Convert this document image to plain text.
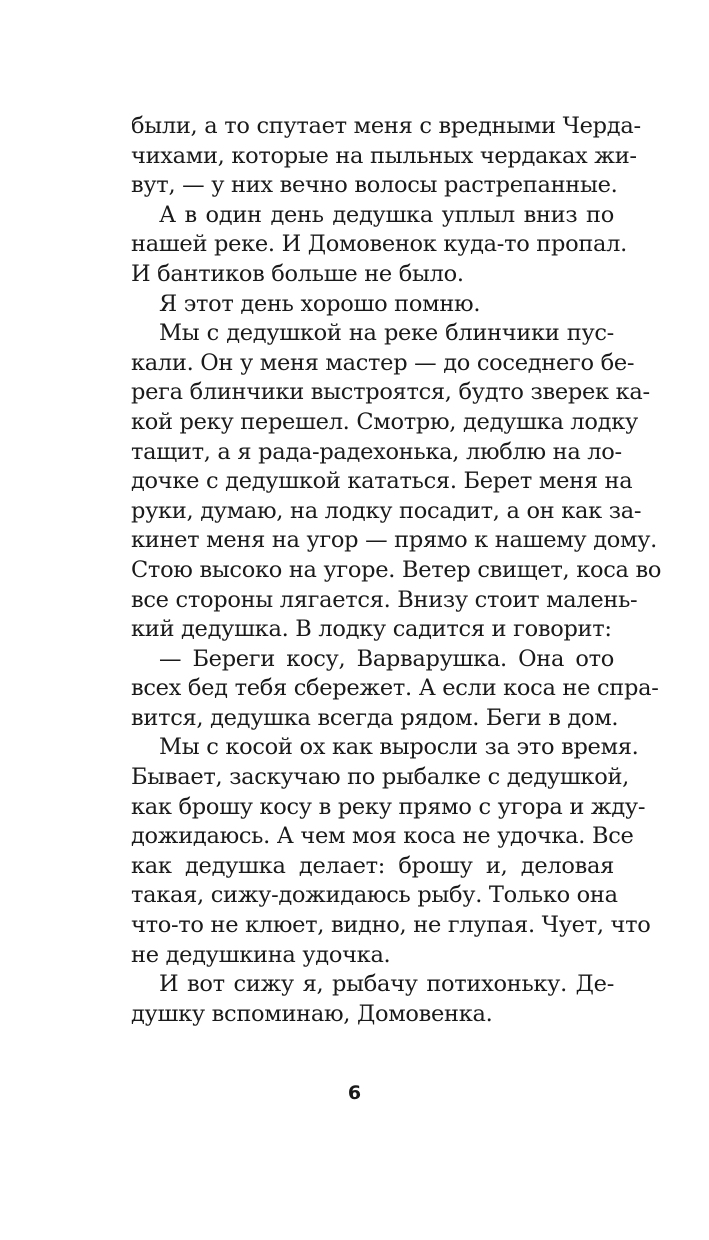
были, а то спутает меня с вредными Черда-
чихами, которые на пыльных чердаках жи-
вут, — у них вечно волосы растрепанные.
А в один день дедушка уплыл вниз по
нашей реке. И Домовенок куда-то пропал.
И бантиков больше не было.
Я этот день хорошо помню.
Мы с дедушкой на реке блинчики пус-
кали. Он у меня мастер — до соседнего бе-
рега блинчики выстроятся, будто зверек ка-
кой реку перешел. Смотрю, дедушка лодку
тащит, а я рада-радехонька, люблю на ло-
дочке с дедушкой кататься. Берет меня на
руки, думаю, на лодку посадит, а он как за-
кинет меня на угор — прямо к нашему дому.
Стою высоко на угоре. Ветер свищет, коса во
все стороны лягается. Внизу стоит малень-
кий дедушка. В лодку садится и говорит:
— Береги косу, Варварушка. Она ото
всех бед тебя сбережет. А если коса не спра-
вится, дедушка всегда рядом. Беги в дом.
Мы с косой ох как выросли за это время.
Бывает, заскучаю по рыбалке с дедушкой,
как брошу косу в реку прямо с угора и жду-
дожидаюсь. А чем моя коса не удочка. Все
как дедушка делает: брошу и, деловая
такая, сижу-дожидаюсь рыбу. Только она
что-то не клюет, видно, не глупая. Чует, что
не дедушкина удочка.
И вот сижу я, рыбачу потихоньку. Де-
душку вспоминаю, Домовенка.
6
